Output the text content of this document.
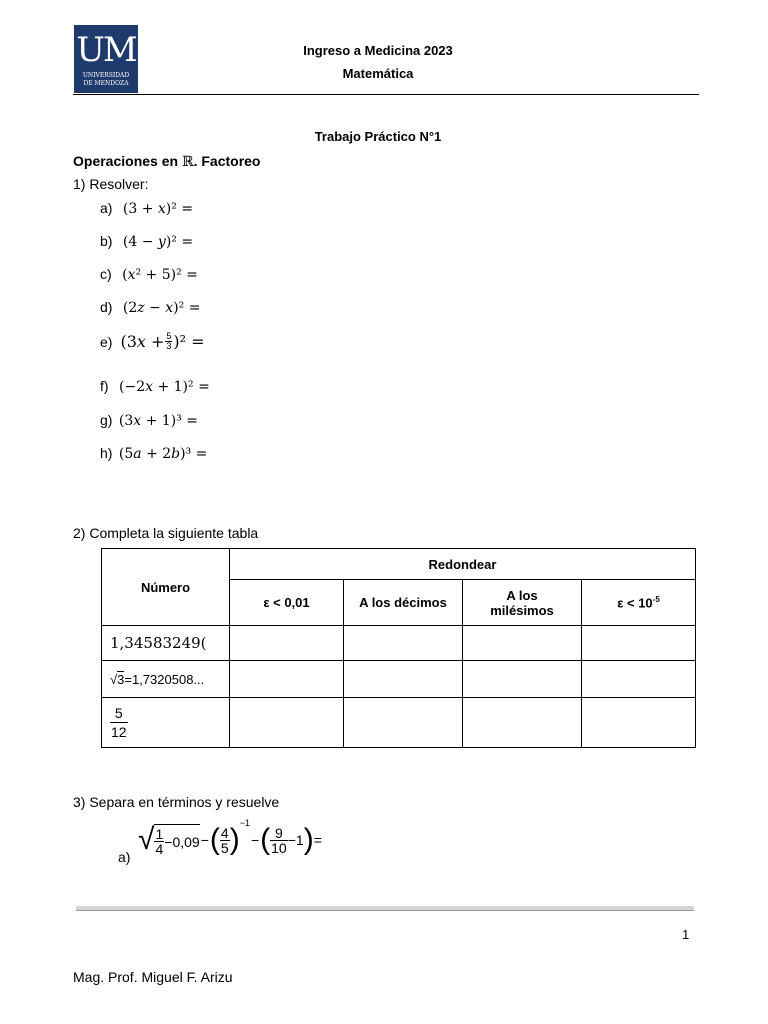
UM
UNIVERSIDAD
DE MENDOZA
Ingreso a Medicina 2023
Matemática
Trabajo Práctico N°1
Operaciones en ℝ. Factoreo
1) Resolver:
a) (3 + 𝑥)² =
b) (4 − 𝑦)² =
c) (𝑥² + 5)² =
d) (2𝑧 − 𝑥)² =
e) (3𝑥 + $\frac{5}{3} )^2$ =
f) (−2𝑥 + 1)² =
g) (3𝑥 + 1)³ =
h) (5𝑎 + 2𝑏)³ =
2) Completa la siguiente tabla
Número	Redondear			
	ε < 0,01	A los décimos	A los
milésimos	$\varepsilon < 10^{-5}$
1,34583249(				
√3=1,7320508...				

$\frac{5}{12}$

3) Separa en términos y resuelve
a)
√ $\frac{1}{4} -0,09$ − ( $\frac{4}{5}$ ) −1
− ( $\frac{9}{10} -1$ ) =
1
Mag. Prof. Miguel F. Arizu
